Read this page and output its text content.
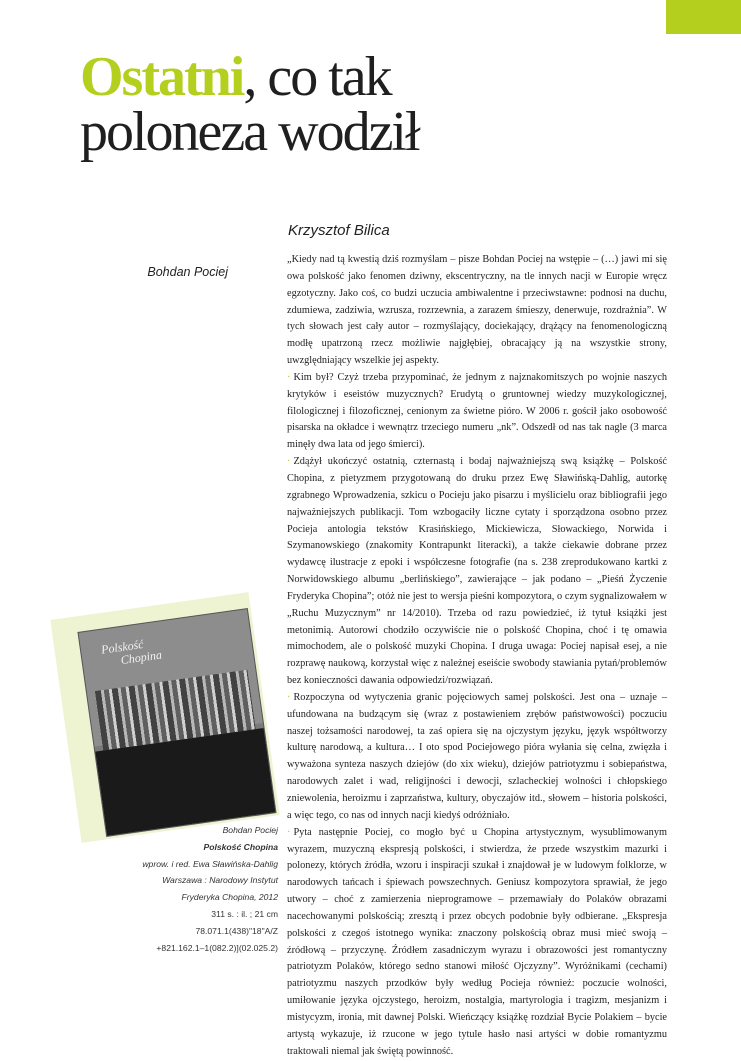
Ostatni, co tak
poloneza wodził

Krzysztof Bilica

Bohdan Pociej

„Kiedy nad tą kwestią dziś rozmyślam – pisze Bohdan Pociej na wstępie – (…) jawi mi się owa polskość jako fenomen dziwny, ekscentryczny, na tle innych nacji w Europie wręcz egzotyczny. Jako coś, co budzi uczucia ambiwalentne i przeciwstawne: podnosi na duchu, zdumiewa, zadziwia, wzrusza, rozrzewnia, a zarazem śmieszy, denerwuje, rozdrażnia”. W tych słowach jest cały autor – rozmyślający, dociekający, drążący na fenomenologiczną modłę upatrzoną rzecz możliwie najgłębiej, obracający ją na wszystkie strony, uwzględniający wszelkie jej aspekty.

· Kim był? Czyż trzeba przypominać, że jednym z najznakomitszych po wojnie naszych krytyków i eseistów muzycznych? Erudytą o gruntownej wiedzy muzykologicznej, filologicznej i filozoficznej, cenionym za świetne pióro. W 2006 r. gościł jako osobowość pisarska na okładce i wewnątrz trzeciego numeru „nk”. Odszedł od nas tak nagle (3 marca minęły dwa lata od jego śmierci).

· Zdążył ukończyć ostatnią, czternastą i bodaj najważniejszą swą książkę – Polskość Chopina, z pietyzmem przygotowaną do druku przez Ewę Sławińską-Dahlig, autorkę zgrabnego Wprowadzenia, szkicu o Pocieju jako pisarzu i myślicielu oraz bibliografii jego najważniejszych publikacji. Tom wzbogaciły liczne cytaty i sporządzona osobno przez Pocieja antologia tekstów Krasińskiego, Mickiewicza, Słowackiego, Norwida i Szymanowskiego (znakomity Kontrapunkt literacki), a także ciekawie dobrane przez wydawcę ilustracje z epoki i współczesne fotografie (na s. 238 zreprodukowano kartki z Norwidowskiego albumu „berlińskiego”, zawierające – jak podano – „Pieśń Życzenie Fryderyka Chopina”; otóż nie jest to wersja pieśni kompozytora, o czym sygnalizowałem w „Ruchu Muzycznym” nr 14/2010). Trzeba od razu powiedzieć, iż tytuł książki jest metonimią. Autorowi chodziło oczywiście nie o polskość Chopina, choć i tę omawia mimochodem, ale o polskość muzyki Chopina. I druga uwaga: Pociej napisał esej, a nie rozprawę naukową, korzystał więc z należnej eseiście swobody stawiania pytań/problemów bez konieczności dawania odpowiedzi/rozwiązań.

· Rozpoczyna od wytyczenia granic pojęciowych samej polskości. Jest ona – uznaje – ufundowana na budzącym się (wraz z postawieniem zrębów państwowości) poczuciu naszej tożsamości narodowej, ta zaś opiera się na ojczystym języku, język współtworzy kulturę narodową, a kultura… I oto spod Pociejowego pióra wyłania się celna, zwięzła i wyważona synteza naszych dziejów (do xix wieku), dziejów patriotyzmu i sobiepaństwa, narodowych zalet i wad, religijności i dewocji, szlacheckiej wolności i chłopskiego zniewolenia, heroizmu i zaprzaństwa, kultury, obyczajów itd., słowem – historia polskości, a więc tego, co nas od innych nacji kiedyś odróżniało.

· Pyta następnie Pociej, co mogło być u Chopina artystycznym, wysublimowanym wyrazem, muzyczną ekspresją polskości, i stwierdza, że przede wszystkim mazurki i polonezy, których źródła, wzoru i inspiracji szukał i znajdował je w ludowym folklorze, w narodowych tańcach i śpiewach powszechnych. Geniusz kompozytora sprawiał, że jego utwory – choć z zamierzenia nieprogramowe – przemawiały do Polaków obrazami nacechowanymi polskością; zresztą i przez obcych podobnie były odbierane. „Ekspresja polskości z czegoś istotnego wynika: znaczony polskością obraz musi mieć swoją – źródłową – przyczynę. Źródłem zasadniczym wyrazu i obrazowości jest romantyczny patriotyzm Polaków, którego sedno stanowi miłość Ojczyzny”. Wyróżnikami (cechami) patriotyzmu naszych przodków były według Pocieja również: poczucie wolności, umiłowanie języka ojczystego, heroizm, nostalgia, martyrologia i tragizm, mesjanizm i mistycyzm, ironia, mit dawnej Polski. Wieńczący książkę rozdział Bycie Polakiem – bycie artystą wykazuje, iż rzucone w jego tytule hasło nasi artyści w dobie romantyzmu traktowali niemal jak świętą powinność.

Polskość
Chopina
Bohdan Pociej
Polskość Chopina
wprow. i red. Ewa Sławińska-Dahlig
Warszawa : Narodowy Instytut
Fryderyka Chopina, 2012
311 s. : il. ; 21 cm
78.071.1(438)"18"A/Z
+821.162.1–1(082.2)](02.025.2)
